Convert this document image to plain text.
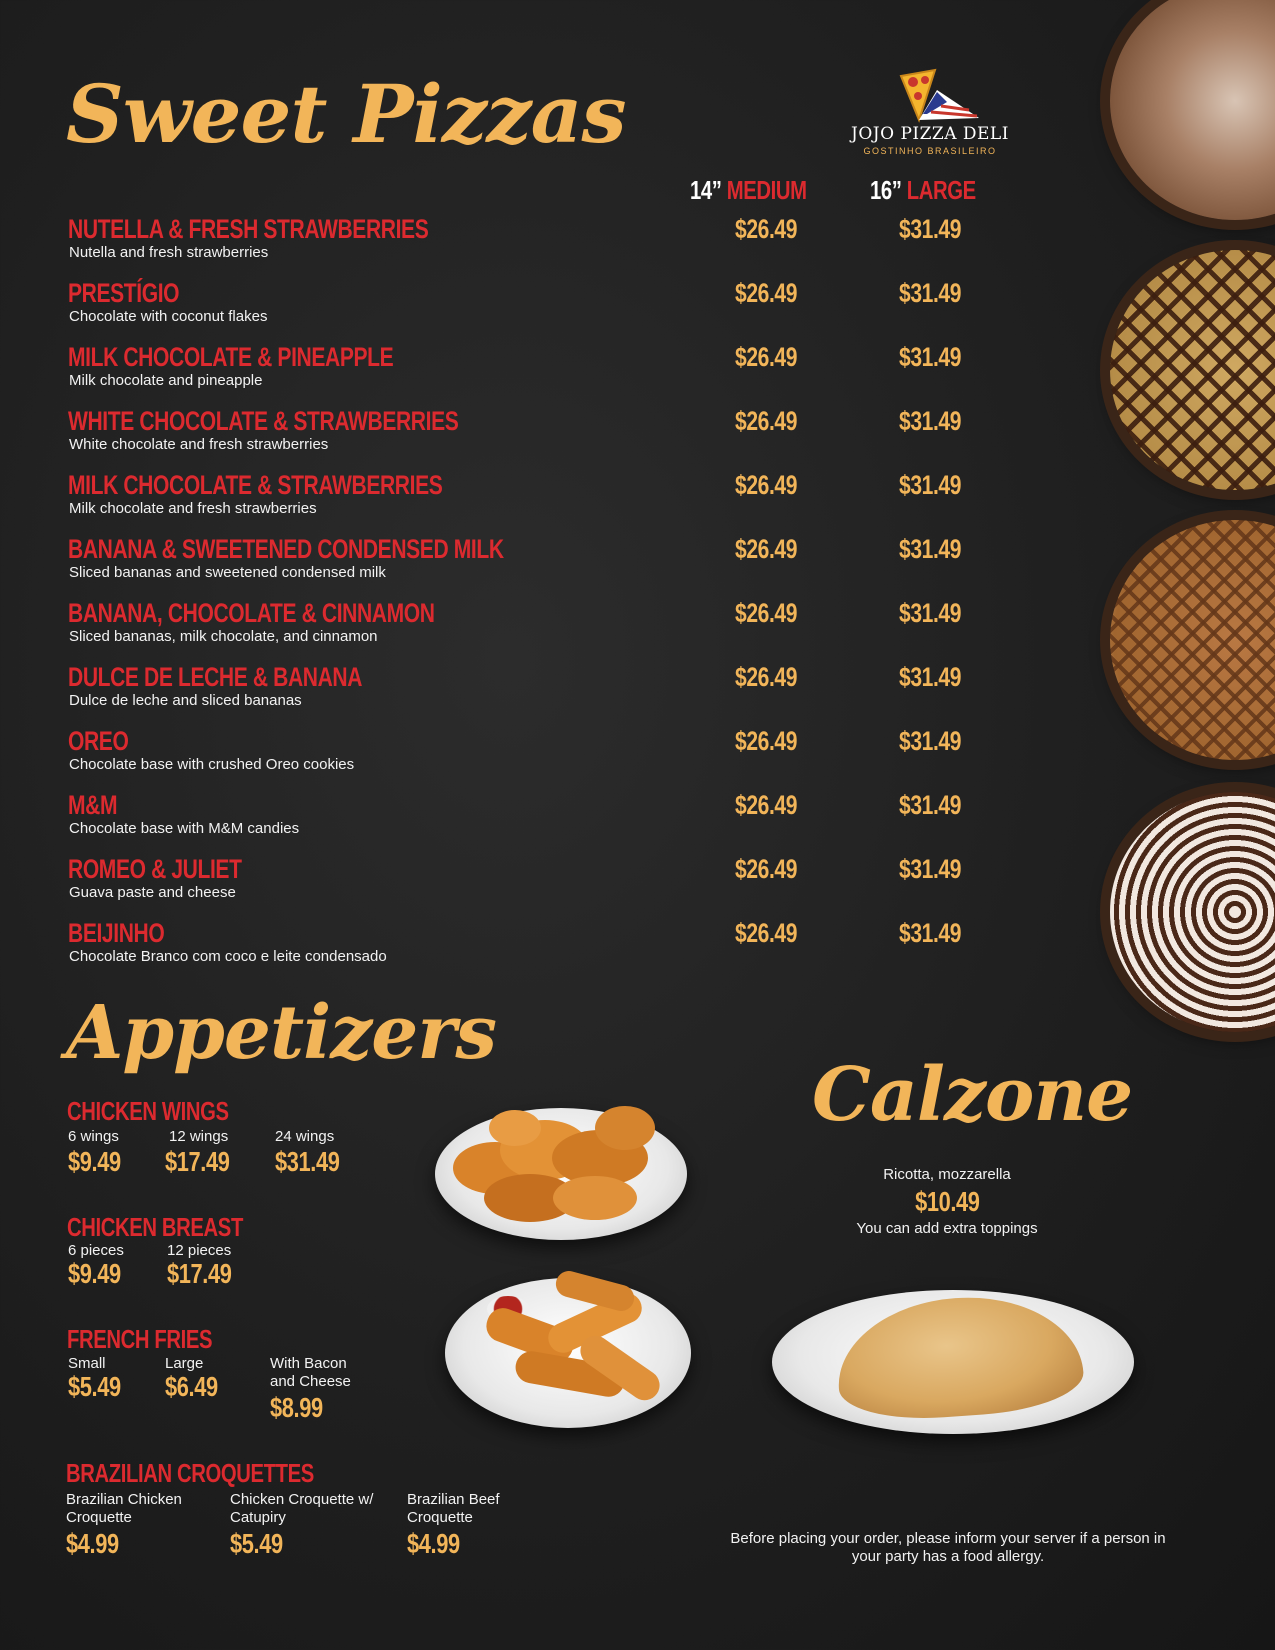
Sweet Pizzas	JOJO PIZZA DELI
GOSTINHO BRASILEIRO
14” MEDIUM 16” LARGE
NUTELLA & FRESH STRAWBERRIES
Nutella and fresh strawberries
$26.49	$31.49
PRESTÍGIO
Chocolate with coconut flakes
$26.49	$31.49
MILK CHOCOLATE & PINEAPPLE
Milk chocolate and pineapple
$26.49	$31.49
WHITE CHOCOLATE & STRAWBERRIES
White chocolate and fresh strawberries
$26.49	$31.49
MILK CHOCOLATE & STRAWBERRIES
Milk chocolate and fresh strawberries
$26.49	$31.49
BANANA & SWEETENED CONDENSED MILK
Sliced bananas and sweetened condensed milk
$26.49	$31.49
BANANA, CHOCOLATE & CINNAMON
Sliced bananas, milk chocolate, and cinnamon
$26.49	$31.49
DULCE DE LECHE & BANANA
Dulce de leche and sliced bananas
$26.49	$31.49
OREO
Chocolate base with crushed Oreo cookies
$26.49	$31.49
M&M
Chocolate base with M&M candies
$26.49	$31.49
ROMEO & JULIET
Guava paste and cheese
$26.49	$31.49
BEIJINHO
Chocolate Branco com coco e leite condensado
$26.49	$31.49
Appetizers
CHICKEN WINGS
6 wings
$9.49
12 wings
$17.49
24 wings
$31.49
CHICKEN BREAST
6 pieces
$9.49
12 pieces
$17.49
FRENCH FRIES
Small
$5.49
Large
$6.49
With Bacon and Cheese
$8.99
BRAZILIAN CROQUETTES
Brazilian Chicken Croquette
$4.99
Chicken Croquette w/ Catupiry
$5.49
Brazilian Beef Croquette
$4.99
Calzone
Ricotta, mozzarella
$10.49
You can add extra toppings
Before placing your order, please inform your server if a person in your party has a food allergy.
